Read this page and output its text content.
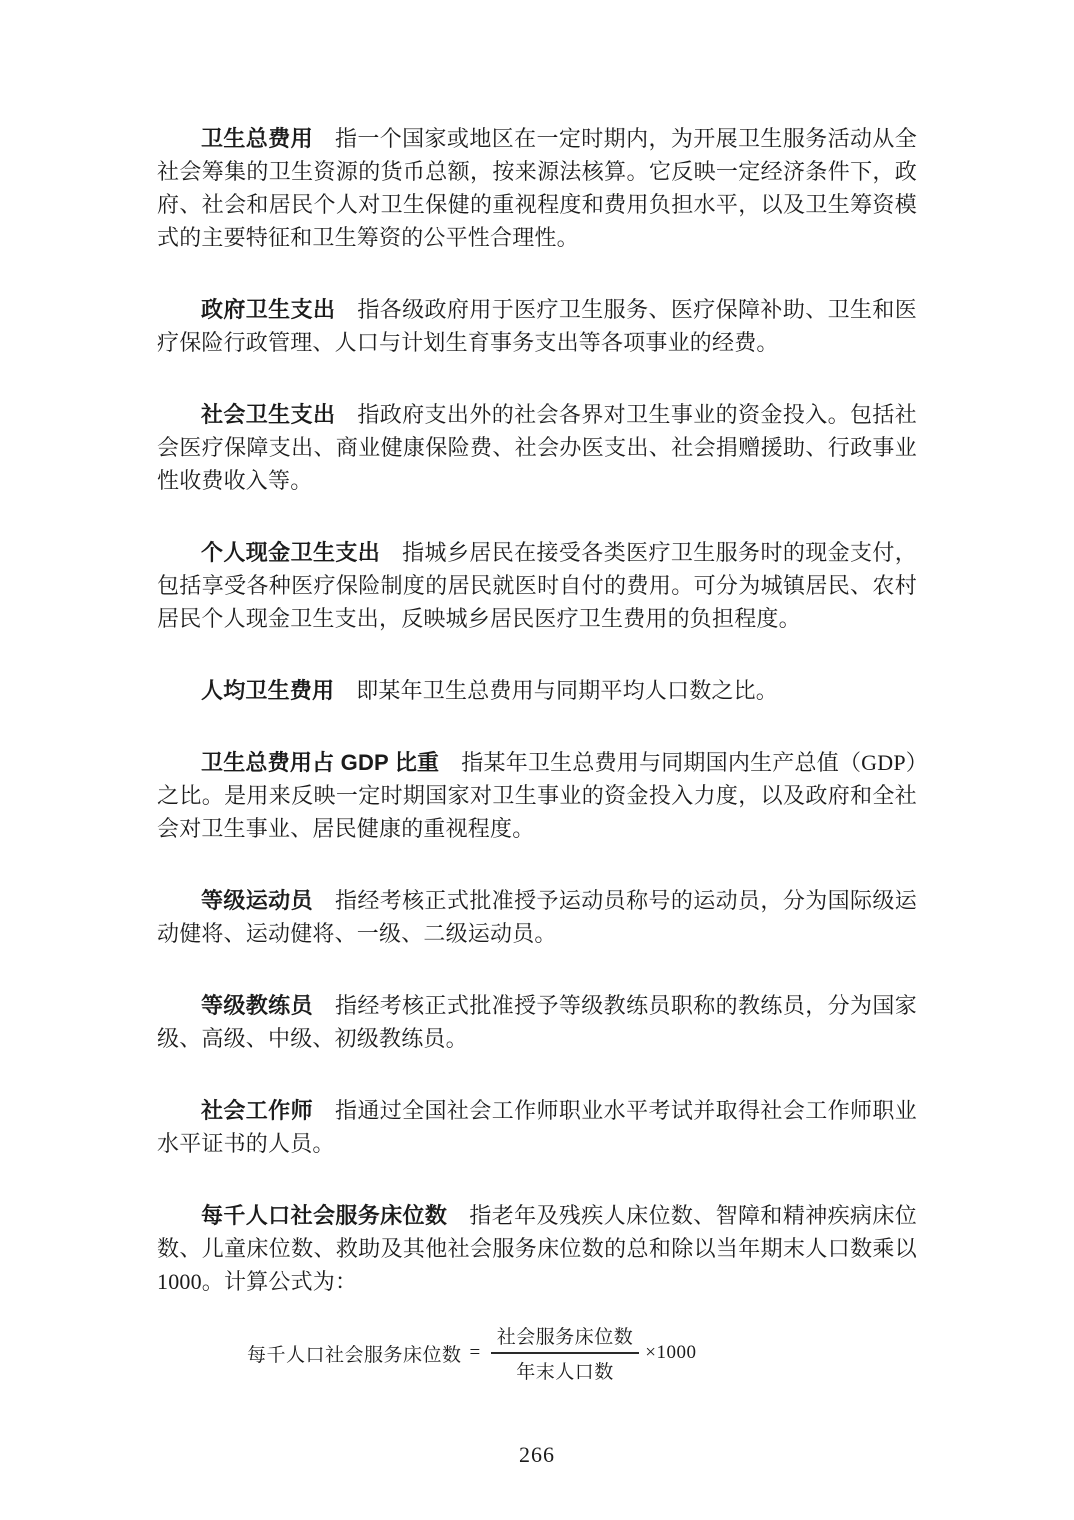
卫生总费用 指一个国家或地区在一定时期内，为开展卫生服务活动从全社会筹集的卫生资源的货币总额，按来源法核算。它反映一定经济条件下，政府、社会和居民个人对卫生保健的重视程度和费用负担水平，以及卫生筹资模式的主要特征和卫生筹资的公平性合理性。

政府卫生支出 指各级政府用于医疗卫生服务、医疗保障补助、卫生和医疗保险行政管理、人口与计划生育事务支出等各项事业的经费。

社会卫生支出 指政府支出外的社会各界对卫生事业的资金投入。包括社会医疗保障支出、商业健康保险费、社会办医支出、社会捐赠援助、行政事业性收费收入等。

个人现金卫生支出 指城乡居民在接受各类医疗卫生服务时的现金支付，包括享受各种医疗保险制度的居民就医时自付的费用。可分为城镇居民、农村居民个人现金卫生支出，反映城乡居民医疗卫生费用的负担程度。

人均卫生费用 即某年卫生总费用与同期平均人口数之比。

卫生总费用占 GDP 比重 指某年卫生总费用与同期国内生产总值（GDP）之比。是用来反映一定时期国家对卫生事业的资金投入力度，以及政府和全社会对卫生事业、居民健康的重视程度。

等级运动员 指经考核正式批准授予运动员称号的运动员，分为国际级运动健将、运动健将、一级、二级运动员。

等级教练员 指经考核正式批准授予等级教练员职称的教练员，分为国家级、高级、中级、初级教练员。

社会工作师 指通过全国社会工作师职业水平考试并取得社会工作师职业水平证书的人员。

每千人口社会服务床位数 指老年及残疾人床位数、智障和精神疾病床位数、儿童床位数、救助及其他社会服务床位数的总和除以当年期末人口数乘以 1000。计算公式为：

每千人口社会服务床位数 = $\frac{\text{社会服务床位数}}{\text{年末人口数}} \times 1000$
266
